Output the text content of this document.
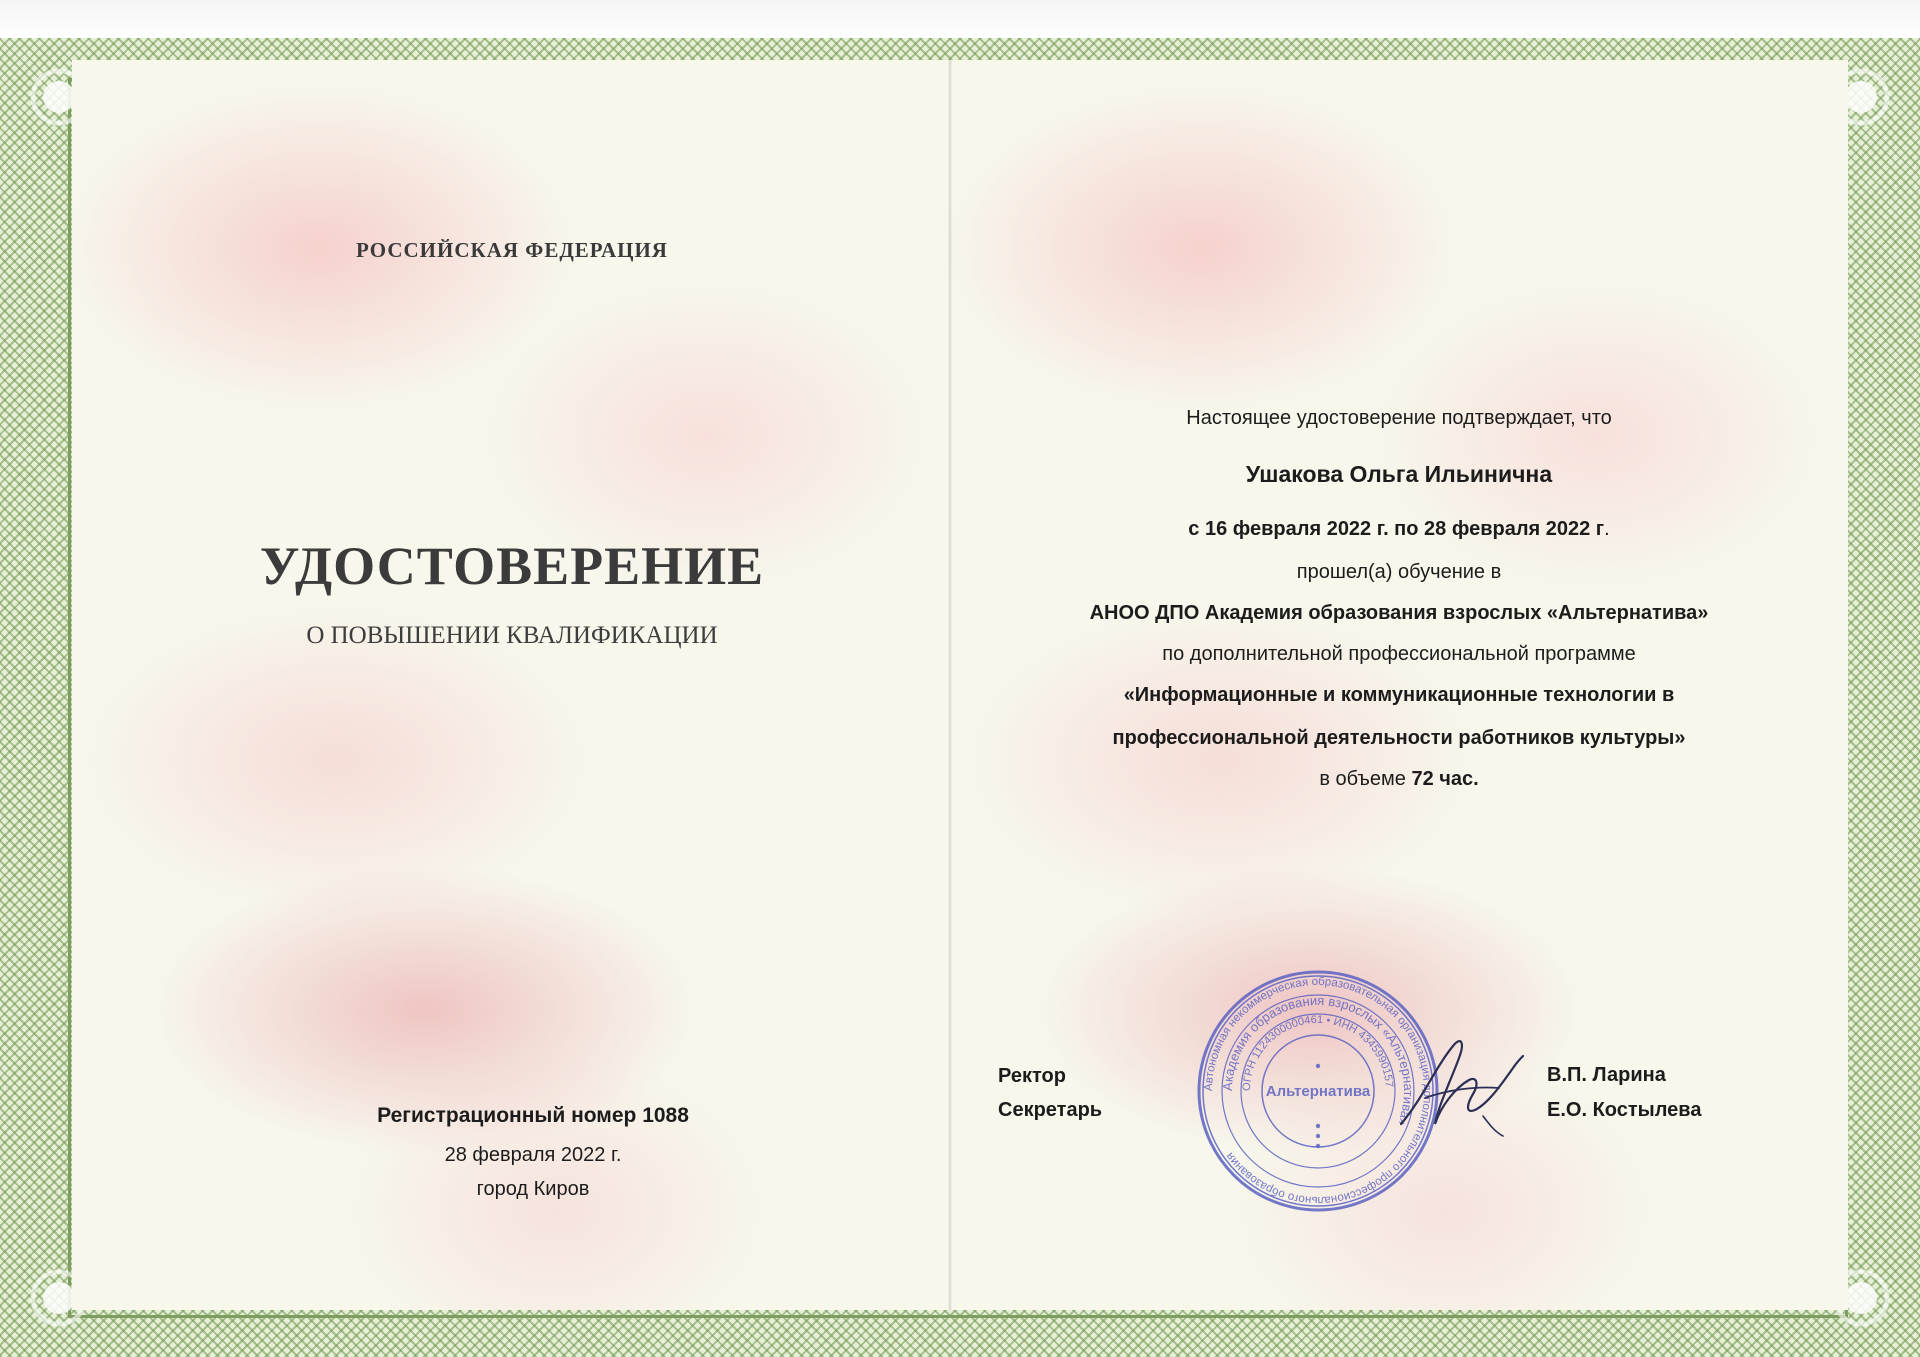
РОССИЙСКАЯ ФЕДЕРАЦИЯ
УДОСТОВЕРЕНИЕ
О ПОВЫШЕНИИ КВАЛИФИКАЦИИ
Регистрационный номер 1088
28 февраля 2022 г.
город Киров
Настоящее удостоверение подтверждает, что
Ушакова Ольга Ильинична
с 16 февраля 2022 г. по 28 февраля 2022 г.
прошел(а) обучение в
АНОО ДПО Академия образования взрослых «Альтернатива»
по дополнительной профессиональной программе
«Информационные и коммуникационные технологии в
профессиональной деятельности работников культуры»
в объеме 72 час.
Ректор
Секретарь
В.П. Ларина
Е.О. Костылева
Автономная некоммерческая образовательная организация дополнительного профессионального образования
Академия образования взрослых «Альтернатива»
ОГРН 1124300000461 • ИНН 4345990157
Альтернатива
